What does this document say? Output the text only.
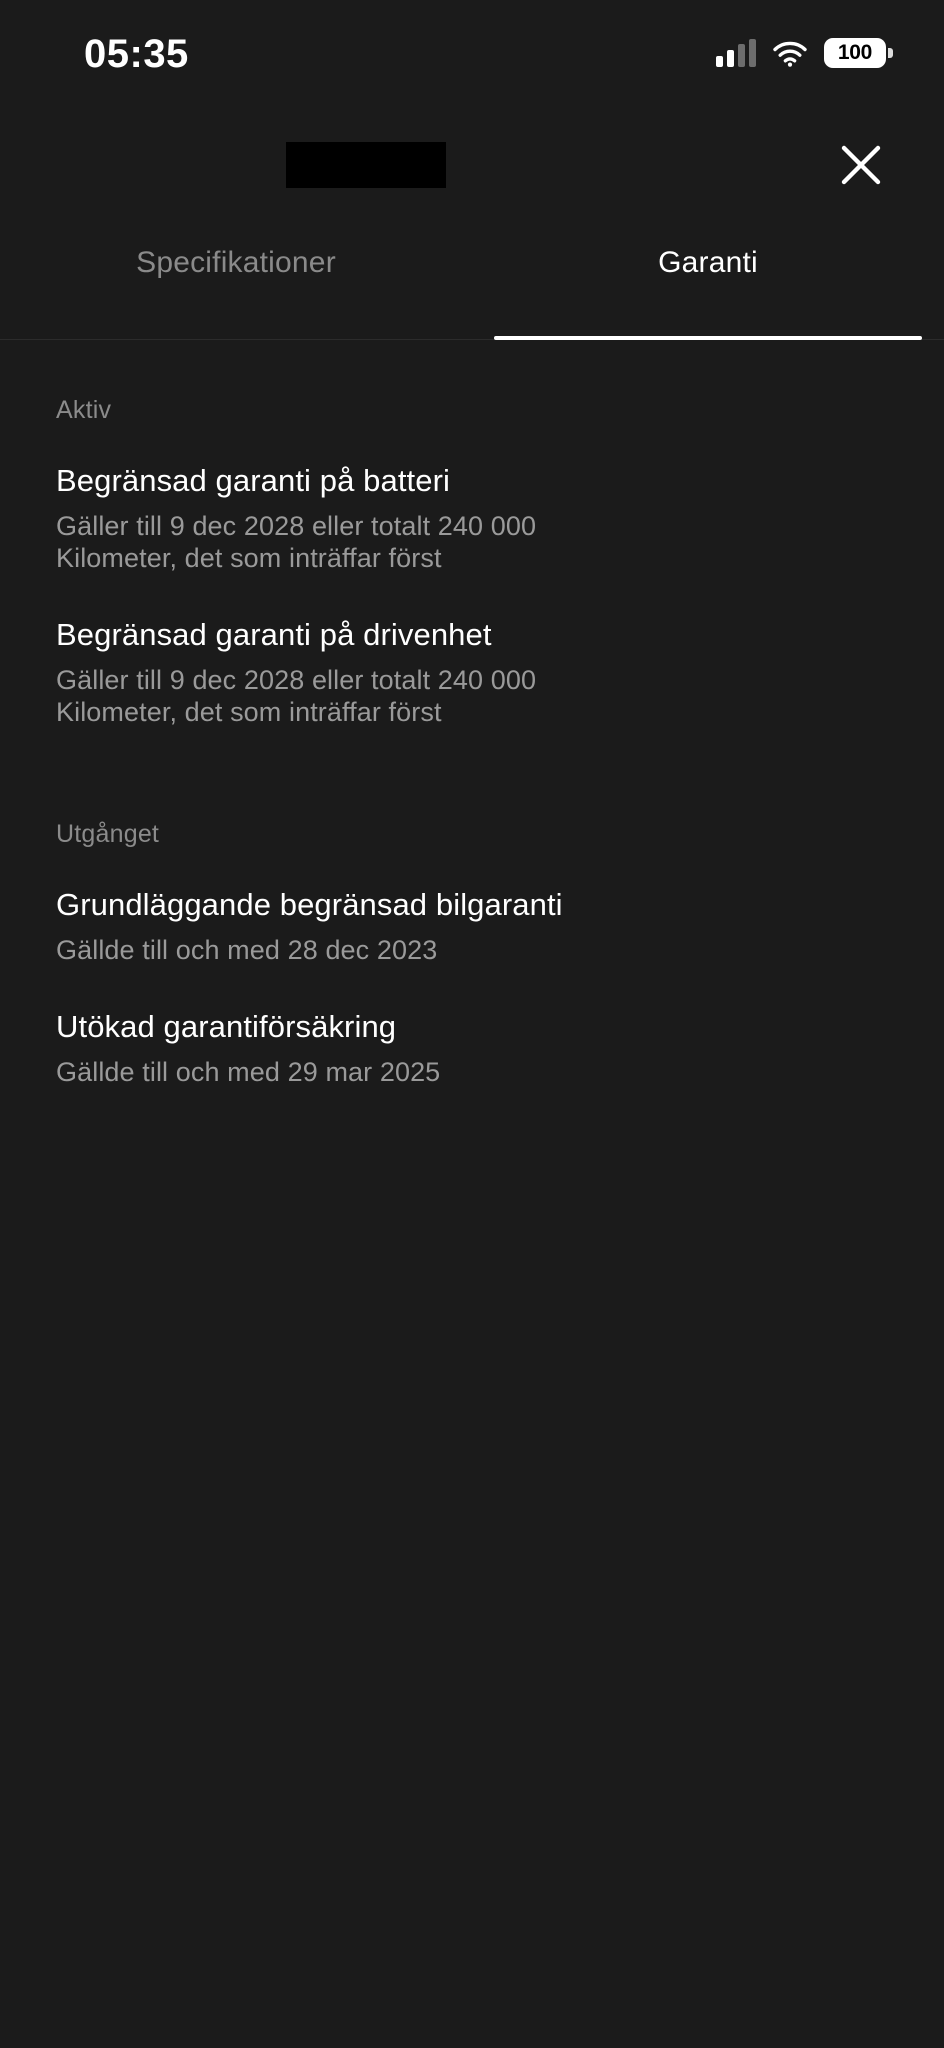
05:35	100
Specifikationer	Garanti
Aktiv
Begränsad garanti på batteri
Gäller till 9 dec 2028 eller totalt 240 000 Kilometer, det som inträffar först
Begränsad garanti på drivenhet
Gäller till 9 dec 2028 eller totalt 240 000 Kilometer, det som inträffar först
Utgånget
Grundläggande begränsad bilgaranti
Gällde till och med 28 dec 2023
Utökad garantiförsäkring
Gällde till och med 29 mar 2025
